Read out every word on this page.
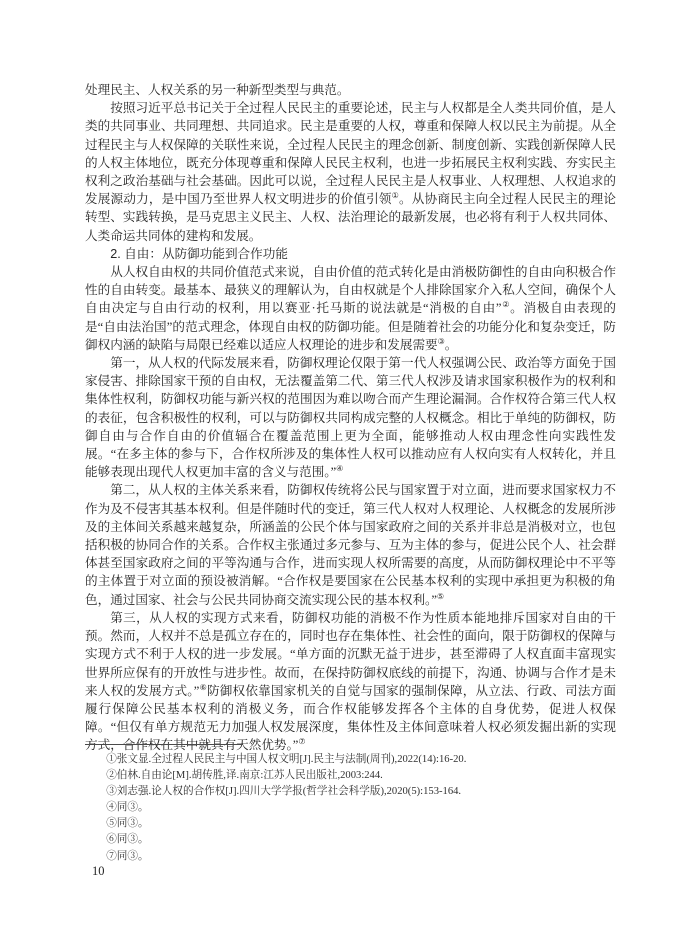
处理民主、人权关系的另一种新型类型与典范。

按照习近平总书记关于全过程人民民主的重要论述，民主与人权都是全人类共同价值，是人类的共同事业、共同理想、共同追求。民主是重要的人权，尊重和保障人权以民主为前提。从全过程民主与人权保障的关联性来说，全过程人民民主的理念创新、制度创新、实践创新保障人民的人权主体地位，既充分体现尊重和保障人民民主权利，也进一步拓展民主权利实践、夯实民主权利之政治基础与社会基础。因此可以说，全过程人民民主是人权事业、人权理想、人权追求的发展源动力，是中国乃至世界人权文明进步的价值引领①。从协商民主向全过程人民民主的理论转型、实践转换，是马克思主义民主、人权、法治理论的最新发展，也必将有利于人权共同体、人类命运共同体的建构和发展。

2. 自由：从防御功能到合作功能

从人权自由权的共同价值范式来说，自由价值的范式转化是由消极防御性的自由向积极合作性的自由转变。最基本、最狭义的理解认为，自由权就是个人排除国家介入私人空间，确保个人自由决定与自由行动的权利，用以赛亚·托马斯的说法就是“消极的自由”②。消极自由表现的是“自由法治国”的范式理念，体现自由权的防御功能。但是随着社会的功能分化和复杂变迁，防御权内涵的缺陷与局限已经难以适应人权理论的进步和发展需要③。

第一，从人权的代际发展来看，防御权理论仅限于第一代人权强调公民、政治等方面免于国家侵害、排除国家干预的自由权，无法覆盖第二代、第三代人权涉及请求国家积极作为的权利和集体性权利，防御权功能与新兴权的范围因为难以吻合而产生理论漏洞。合作权符合第三代人权的表征，包含积极性的权利，可以与防御权共同构成完整的人权概念。相比于单纯的防御权，防御自由与合作自由的价值辐合在覆盖范围上更为全面，能够推动人权由理念性向实践性发展。“在多主体的参与下，合作权所涉及的集体性人权可以推动应有人权向实有人权转化，并且能够表现出现代人权更加丰富的含义与范围。”④

第二，从人权的主体关系来看，防御权传统将公民与国家置于对立面，进而要求国家权力不作为及不侵害其基本权利。但是伴随时代的变迁，第三代人权对人权理论、人权概念的发展所涉及的主体间关系越来越复杂，所涵盖的公民个体与国家政府之间的关系并非总是消极对立，也包括积极的协同合作的关系。合作权主张通过多元参与、互为主体的参与，促进公民个人、社会群体甚至国家政府之间的平等沟通与合作，进而实现人权所需要的高度，从而防御权理论中不平等的主体置于对立面的预设被消解。“合作权是要国家在公民基本权利的实现中承担更为积极的角色，通过国家、社会与公民共同协商交流实现公民的基本权利。”⑤

第三，从人权的实现方式来看，防御权功能的消极不作为性质本能地排斥国家对自由的干预。然而，人权并不总是孤立存在的，同时也存在集体性、社会性的面向，限于防御权的保障与实现方式不利于人权的进一步发展。“单方面的沉默无益于进步，甚至滞碍了人权直面丰富现实世界所应保有的开放性与进步性。故而，在保持防御权底线的前提下，沟通、协调与合作才是未来人权的发展方式。”⑥防御权依靠国家机关的自觉与国家的强制保障，从立法、行政、司法方面履行保障公民基本权利的消极义务，而合作权能够发挥各个主体的自身优势，促进人权保障。“但仅有单方规范无力加强人权发展深度，集体性及主体间意味着人权必须发掘出新的实现方式，合作权在其中就具有天然优势。”⑦

①张文显.全过程人民民主与中国人权文明[J].民主与法制(周刊),2022(14):16-20.

②伯林.自由论[M].胡传胜,译.南京:江苏人民出版社,2003:244.

③刘志强.论人权的合作权[J].四川大学学报(哲学社会科学版),2020(5):153-164.

④同③。

⑤同③。

⑥同③。

⑦同③。

10
